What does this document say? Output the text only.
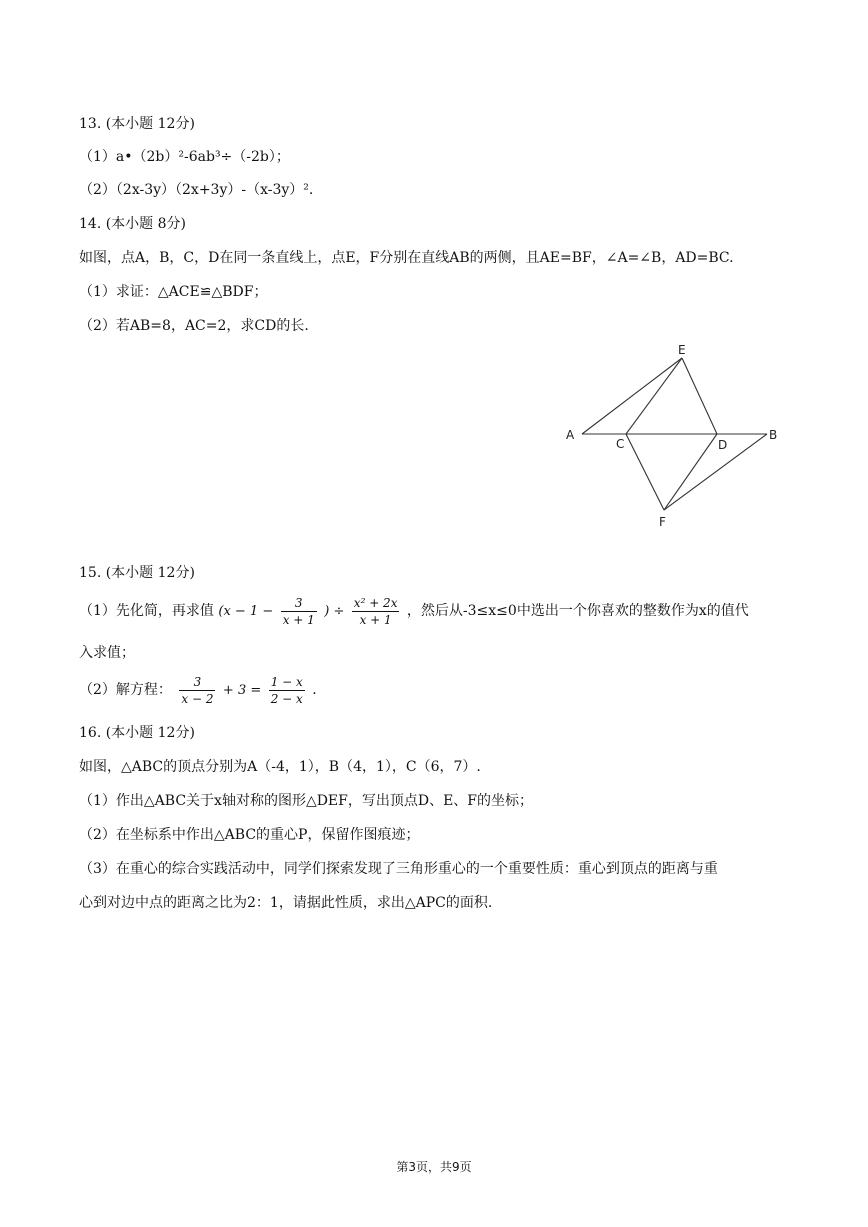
13. (本小题 12分)
（1）a•（2b）²-6ab³÷（-2b）；
（2）（2x-3y）（2x+3y）-（x-3y）².
14. (本小题 8分)
如图，点A，B，C，D在同一条直线上，点E，F分别在直线AB的两侧，且AE=BF，∠A=∠B，AD=BC.
（1）求证：△ACE≌△BDF；
（2）若AB=8，AC=2，求CD的长.
A
C	D
B
E
F
15. (本小题 12分)
（1）先化简，再求值 ($x - 1 - \frac{3}{x + 1}$ ) ÷ $\frac{\text{x² + 2x}}{x + 1}$ ，然后从-3≤x≤0中选出一个你喜欢的整数作为x的值代
入求值；
（2）解方程： $\frac{3}{x - 2} + 3 = \frac{1 - x}{2 - x}$ .
16. (本小题 12分)
如图，△ABC的顶点分别为A（-4，1），B（4，1），C（6，7）.
（1）作出△ABC关于x轴对称的图形△DEF，写出顶点D、E、F的坐标；
（2）在坐标系中作出△ABC的重心P，保留作图痕迹；
（3）在重心的综合实践活动中，同学们探索发现了三角形重心的一个重要性质：重心到顶点的距离与重
心到对边中点的距离之比为2：1，请据此性质，求出△APC的面积.
第3页，共9页
